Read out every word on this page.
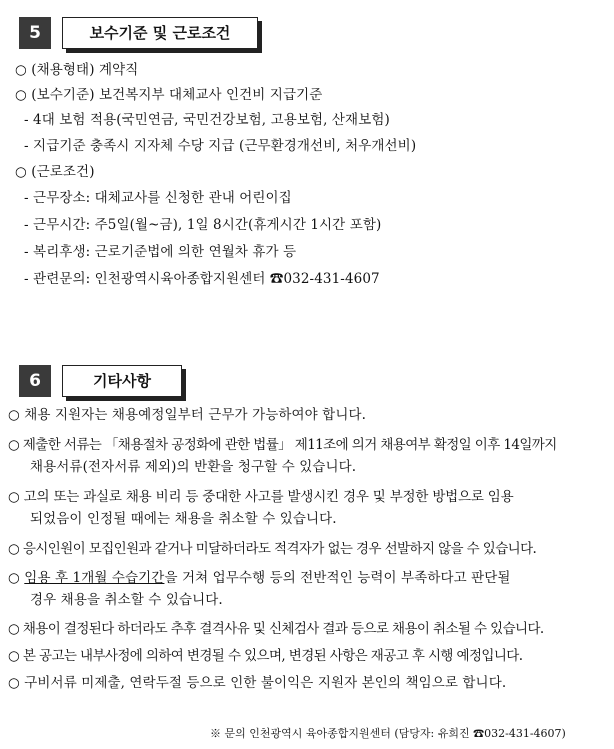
5	보수기준 및 근로조건
○ (채용형태) 계약직
○ (보수기준) 보건복지부 대체교사 인건비 지급기준
- 4대 보험 적용(국민연금, 국민건강보험, 고용보험, 산재보험)
- 지급기준 충족시 지자체 수당 지급 (근무환경개선비, 처우개선비)
○ (근로조건)
- 근무장소: 대체교사를 신청한 관내 어린이집
- 근무시간: 주5일(월~금), 1일 8시간(휴게시간 1시간 포함)
- 복리후생: 근로기준법에 의한 연월차 휴가 등
- 관련문의: 인천광역시육아종합지원센터 ☎032-431-4607
6	기타사항
○ 채용 지원자는 채용예정일부터 근무가 가능하여야 합니다.
○ 제출한 서류는 「채용절차 공정화에 관한 법률」 제11조에 의거 채용여부 확정일 이후 14일까지
채용서류(전자서류 제외)의 반환을 청구할 수 있습니다.
○ 고의 또는 과실로 채용 비리 등 중대한 사고를 발생시킨 경우 및 부정한 방법으로 임용
되었음이 인정될 때에는 채용을 취소할 수 있습니다.
○ 응시인원이 모집인원과 같거나 미달하더라도 적격자가 없는 경우 선발하지 않을 수 있습니다.
○ 임용 후 1개월 수습기간을 거쳐 업무수행 등의 전반적인 능력이 부족하다고 판단될
경우 채용을 취소할 수 있습니다.
○ 채용이 결정된다 하더라도 추후 결격사유 및 신체검사 결과 등으로 채용이 취소될 수 있습니다.
○ 본 공고는 내부사정에 의하여 변경될 수 있으며, 변경된 사항은 재공고 후 시행 예정입니다.
○ 구비서류 미제출, 연락두절 등으로 인한 불이익은 지원자 본인의 책임으로 합니다.
※ 문의 인천광역시 육아종합지원센터 (담당자: 유희진 ☎032-431-4607)
